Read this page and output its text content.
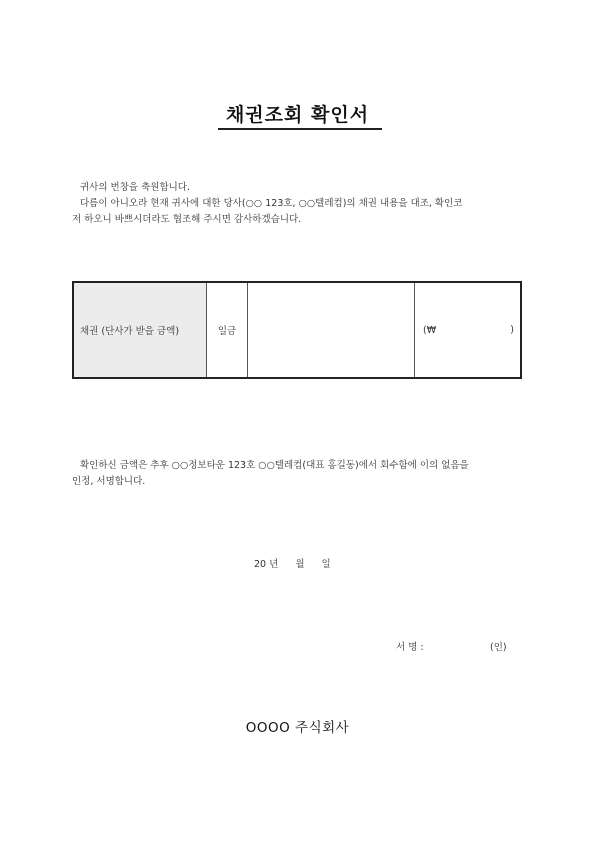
채권조회 확인서
귀사의 번창을 축원합니다.
다름이 아니오라 현재 귀사에 대한 당사(○○ 123호, ○○텔레컴)의 채권 내용을 대조, 확인코
저 하오니 바쁘시더라도 협조해 주시면 감사하겠습니다.
채권 (단사가 받을 금액)	일금		(₩	)
확인하신 금액은 추후 ○○정보타운 123호 ○○텔레컴(대표 홍길동)에서 회수함에 이의 없음을
인정, 서명합니다.
20 년 월 일
서 명 :	(인)
OOOO 주식회사
